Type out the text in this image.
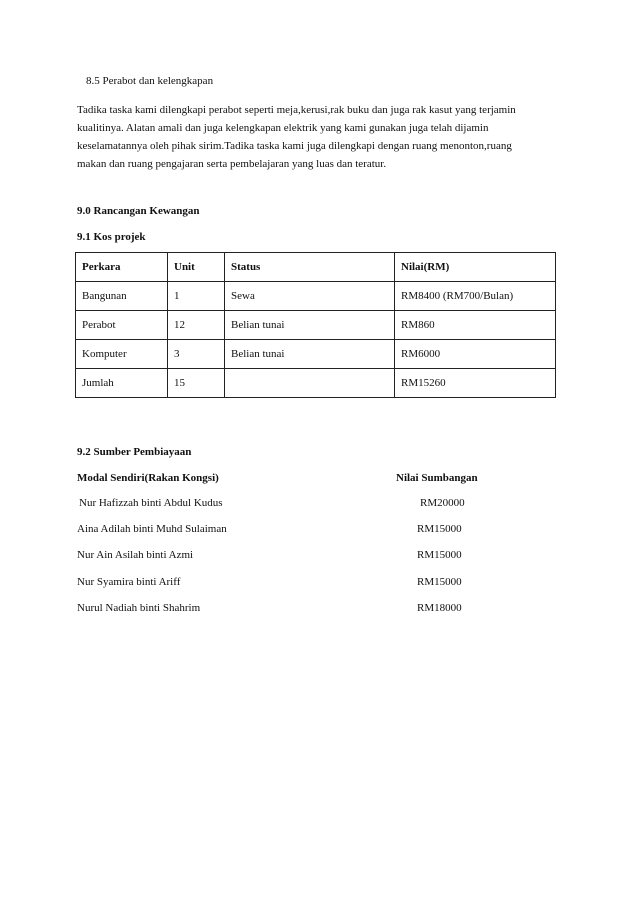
8.5 Perabot dan kelengkapan
Tadika taska kami dilengkapi perabot seperti meja,kerusi,rak buku dan juga rak kasut yang terjamin
kualitinya. Alatan amali dan juga kelengkapan elektrik yang kami gunakan juga telah dijamin
keselamatannya oleh pihak sirim.Tadika taska kami juga dilengkapi dengan ruang menonton,ruang
makan dan ruang pengajaran serta pembelajaran yang luas dan teratur.
9.0 Rancangan Kewangan
9.1 Kos projek
Perkara	Unit	Status	Nilai(RM)
Bangunan	1	Sewa	RM8400 (RM700/Bulan)
Perabot	12	Belian tunai	RM860
Komputer	3	Belian tunai	RM6000
Jumlah	15		RM15260
9.2 Sumber Pembiayaan
Modal Sendiri(Rakan Kongsi)	Nilai Sumbangan
Nur Hafizzah binti Abdul Kudus	RM20000
Aina Adilah binti Muhd Sulaiman	RM15000
Nur Ain Asilah binti Azmi	RM15000
Nur Syamira binti Ariff	RM15000
Nurul Nadiah binti Shahrim	RM18000
